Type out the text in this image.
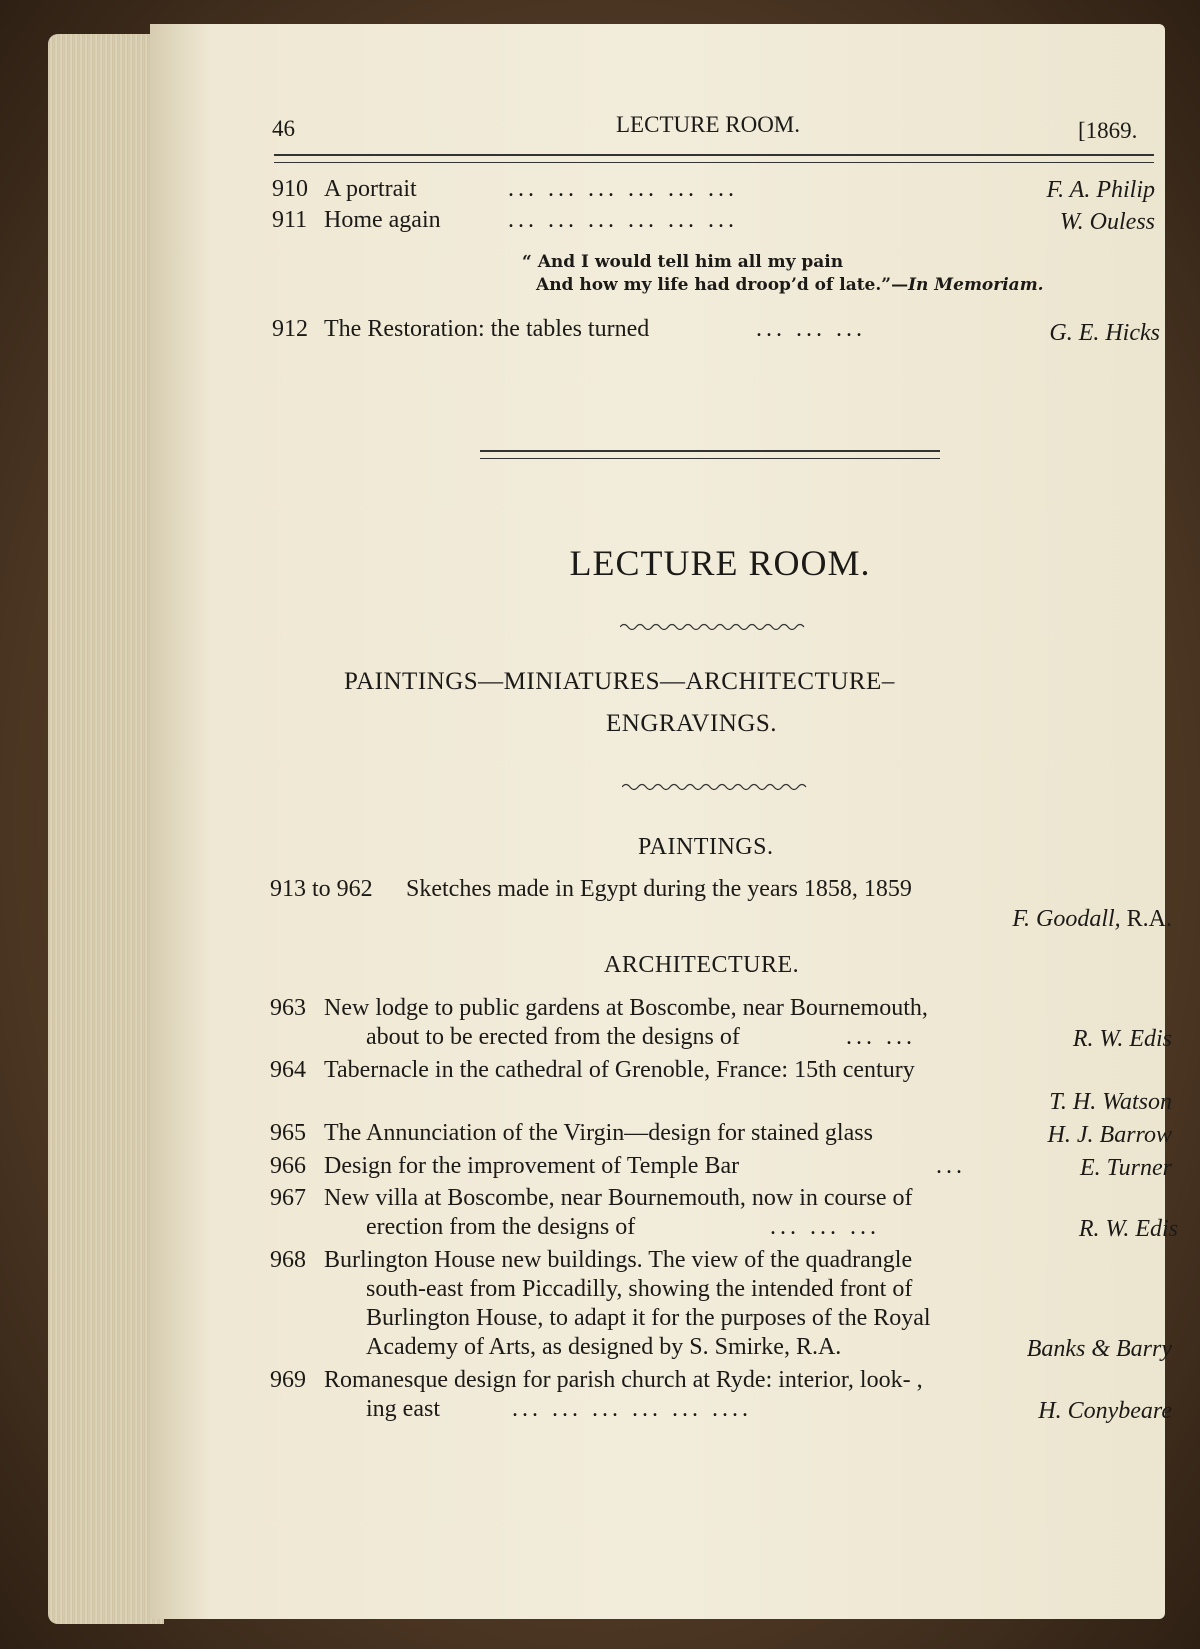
46	LECTURE ROOM.	[1869.
910 A portrait	... ... ... ... ... ...	F. A. Philip
911 Home again	... ... ... ... ... ...	W. Ouless
“ And I would tell him all my pain
And how my life had droop’d of late.”—In Memoriam.
912 The Restoration: the tables turned	... ... ...	G. E. Hicks
LECTURE ROOM.
PAINTINGS—MINIATURES—ARCHITECTURE–
ENGRAVINGS.
PAINTINGS.
913 to 962 Sketches made in Egypt during the years 1858, 1859
F. Goodall, R.A.
ARCHITECTURE.
963 New lodge to public gardens at Boscombe, near Bournemouth,
about to be erected from the designs of	... ...	R. W. Edis
964 Tabernacle in the cathedral of Grenoble, France: 15th century
T. H. Watson
965 The Annunciation of the Virgin—design for stained glass	H. J. Barrow
966 Design for the improvement of Temple Bar	...	E. Turner
967 New villa at Boscombe, near Bournemouth, now in course of
erection from the designs of	... ... ...	R. W. Edis
968 Burlington House new buildings. The view of the quadrangle
south-east from Piccadilly, showing the intended front of
Burlington House, to adapt it for the purposes of the Royal
Academy of Arts, as designed by S. Smirke, R.A.	Banks & Barry
969 Romanesque design for parish church at Ryde: interior, look- ,
ing east	... ... ... ... ... ....	H. Conybeare
